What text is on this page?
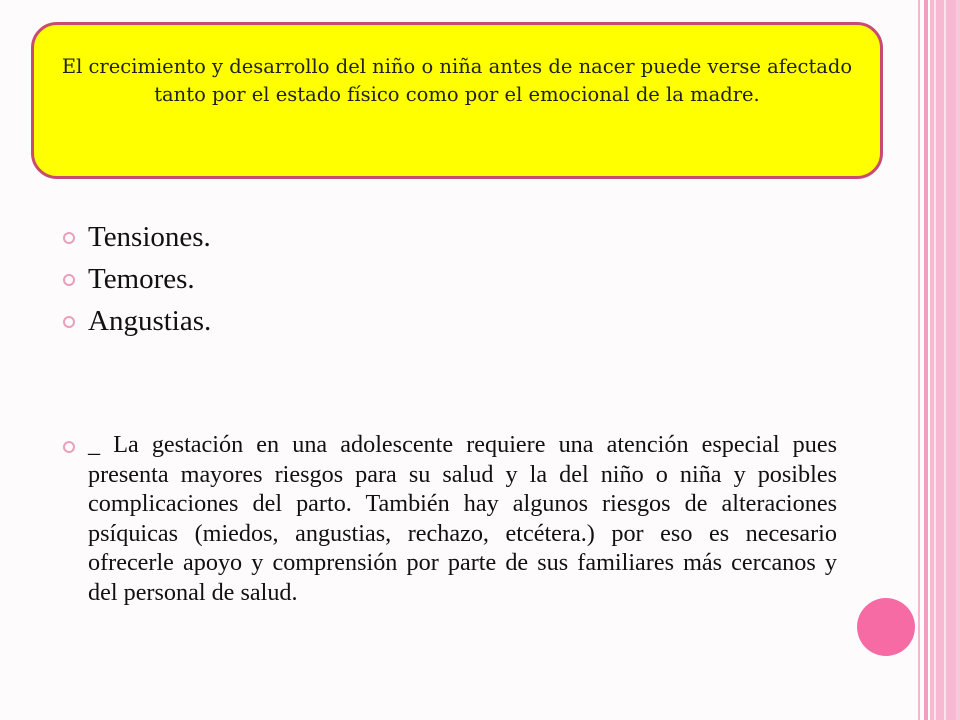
El crecimiento y desarrollo del niño o niña antes de nacer puede verse afectado tanto por el estado físico como por el emocional de la madre.
Tensiones.
Temores.
Angustias.

_ La gestación en una adolescente requiere una atención especial pues presenta mayores riesgos para su salud y la del niño o niña y posibles complicaciones del parto. También hay algunos riesgos de alteraciones psíquicas (miedos, angustias, rechazo, etcétera.) por eso es necesario ofrecerle apoyo y comprensión por parte de sus familiares más cercanos y del personal de salud.
